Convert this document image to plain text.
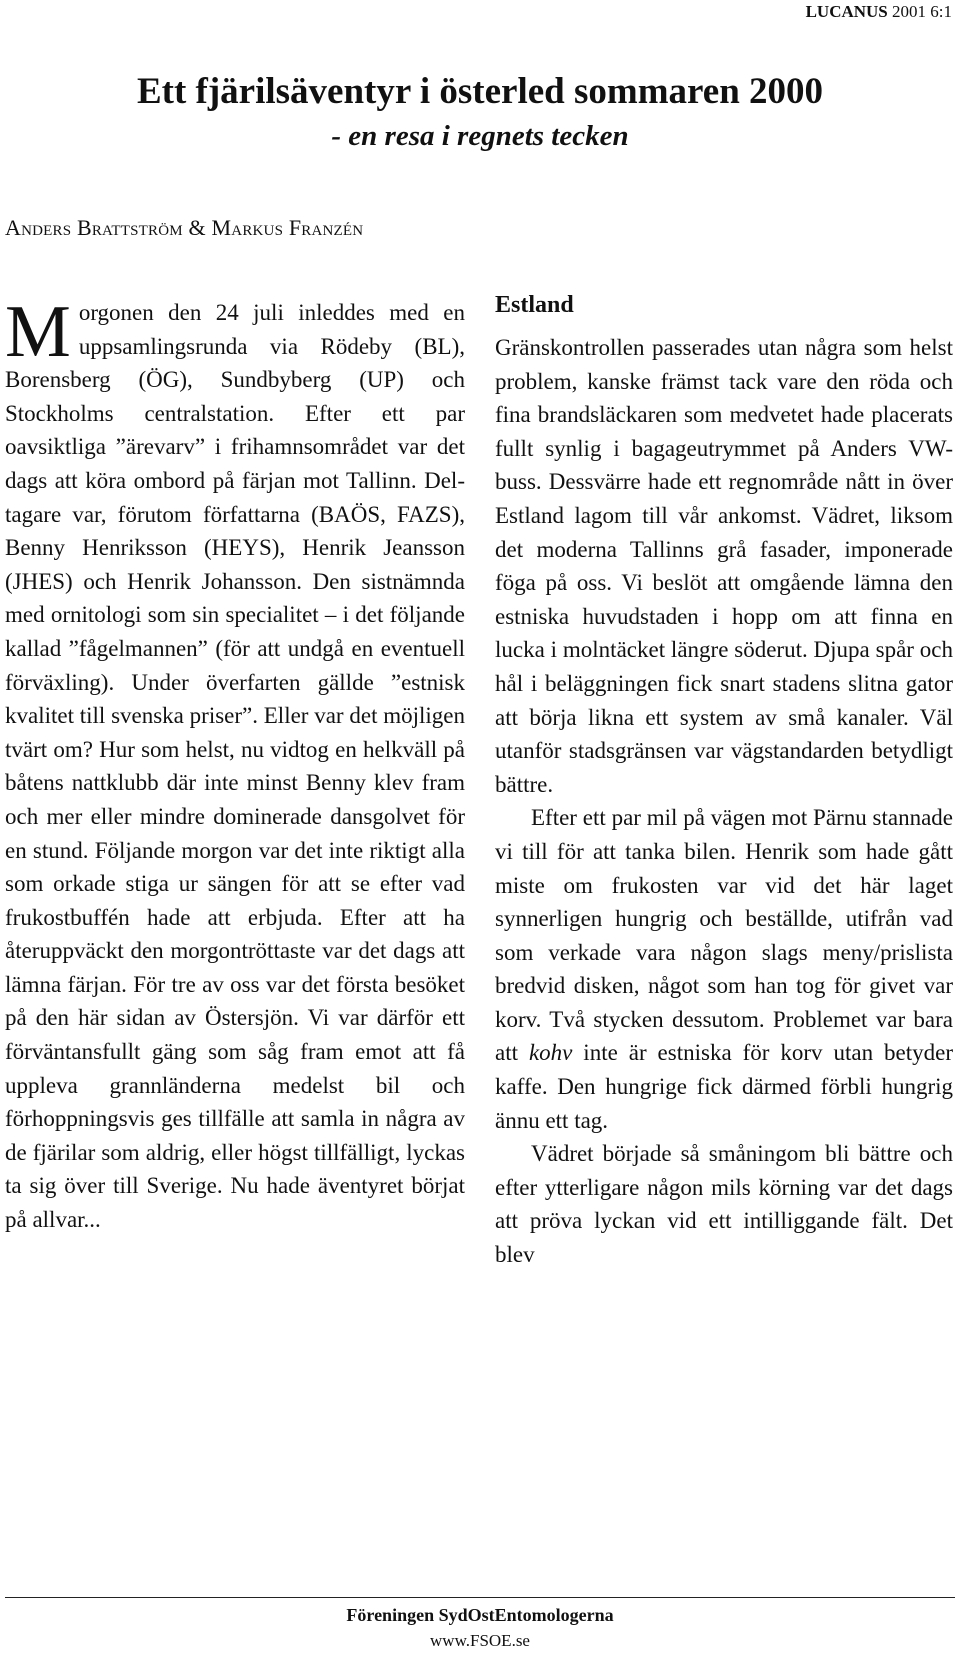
LUCANUS 2001 6:1
Ett fjärilsäventyr i österled sommaren 2000
- en resa i regnets tecken
Anders Brattström & Markus Franzén

Morgonen den 24 juli inleddes med en uppsamlingsrunda via Rödeby (BL), Borensberg (ÖG), Sundbyberg (UP) och Stockholms centralstation. Efter ett par oavsiktliga ”ärevarv” i frihamnsområdet var det dags att köra ombord på färjan mot Tallinn. Del-tagare var, förutom författarna (BAÖS, FAZS), Benny Henriksson (HEYS), Henrik Jeansson (JHES) och Henrik Johansson. Den sistnämnda med ornitologi som sin specialitet – i det följande kallad ”fågelmannen” (för att undgå en eventuell förväxling). Under överfarten gällde ”estnisk kvalitet till svenska priser”. Eller var det möjligen tvärt om? Hur som helst, nu vidtog en helkväll på båtens nattklubb där inte minst Benny klev fram och mer eller mindre dominerade dansgolvet för en stund. Följande morgon var det inte riktigt alla som orkade stiga ur sängen för att se efter vad frukostbuffén hade att erbjuda. Efter att ha återuppväckt den morgontröttaste var det dags att lämna färjan. För tre av oss var det första besöket på den här sidan av Östersjön. Vi var därför ett förväntansfullt gäng som såg fram emot att få uppleva grannländerna medelst bil och förhoppningsvis ges tillfälle att samla in några av de fjärilar som aldrig, eller högst tillfälligt, lyckas ta sig över till Sverige. Nu hade äventyret börjat på allvar...

Estland

Gränskontrollen passerades utan några som helst problem, kanske främst tack vare den röda och fina brandsläckaren som medvetet hade placerats fullt synlig i bagageutrymmet på Anders VW-buss. Dessvärre hade ett regnområde nått in över Estland lagom till vår ankomst. Vädret, liksom det moderna Tallinns grå fasader, imponerade föga på oss. Vi beslöt att omgående lämna den estniska huvudstaden i hopp om att finna en lucka i molntäcket längre söderut. Djupa spår och hål i beläggningen fick snart stadens slitna gator att börja likna ett system av små kanaler. Väl utanför stadsgränsen var vägstandarden betydligt bättre.

Efter ett par mil på vägen mot Pärnu stannade vi till för att tanka bilen. Henrik som hade gått miste om frukosten var vid det här laget synnerligen hungrig och beställde, utifrån vad som verkade vara någon slags meny/prislista bredvid disken, något som han tog för givet var korv. Två stycken dessutom. Problemet var bara att kohv inte är estniska för korv utan betyder kaffe. Den hungrige fick därmed förbli hungrig ännu ett tag.

Vädret började så småningom bli bättre och efter ytterligare någon mils körning var det dags att pröva lyckan vid ett intilliggande fält. Det blev

Föreningen SydOstEntomologerna
www.FSOE.se
